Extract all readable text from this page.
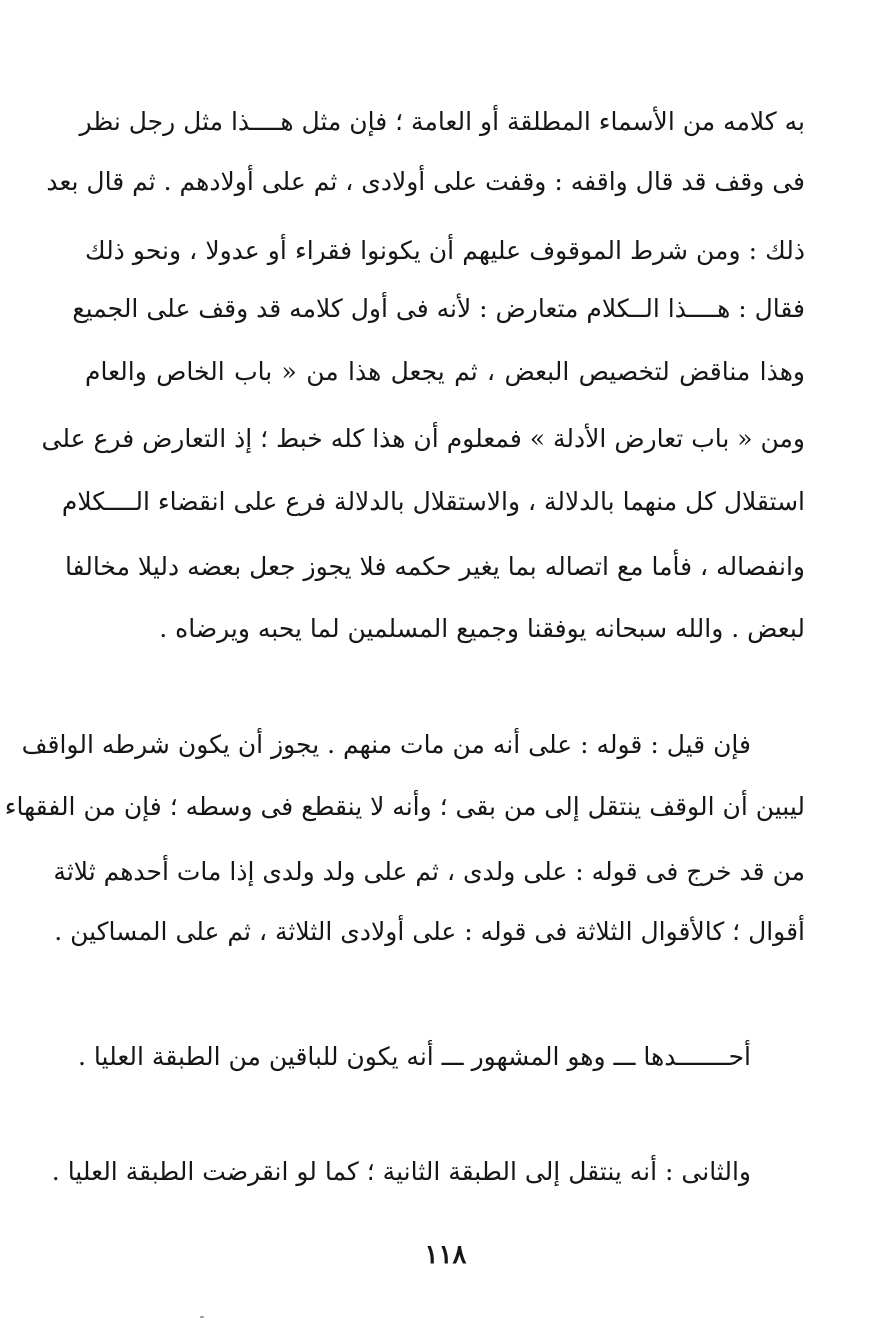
به كلامه من الأسماء المطلقة أو العامة ؛ فإن مثل هــــذا مثل رجل نظر
فى وقف قد قال واقفه : وقفت على أولادى ، ثم على أولادهم . ثم قال بعد
ذلك : ومن شرط الموقوف عليهم أن يكونوا فقراء أو عدولا ، ونحو ذلك
فقال : هــــذا الــكلام متعارض : لأنه فى أول كلامه قد وقف على الجميع
وهذا مناقض لتخصيص البعض ، ثم يجعل هذا من « باب الخاص والعام
ومن « باب تعارض الأدلة » فمعلوم أن هذا كله خبط ؛ إذ التعارض فرع على
استقلال كل منهما بالدلالة ، والاستقلال بالدلالة فرع على انقضاء الــــكلام
وانفصاله ، فأما مع اتصاله بما يغير حكمه فلا يجوز جعل بعضه دليلا مخالفا
لبعض . والله سبحانه يوفقنا وجميع المسلمين لما يحبه ويرضاه .
فإن قيل : قوله : على أنه من مات منهم . يجوز أن يكون شرطه الواقف
ليبين أن الوقف ينتقل إلى من بقى ؛ وأنه لا ينقطع فى وسطه ؛ فإن من الفقهاء
من قد خرج فى قوله : على ولدى ، ثم على ولد ولدى إذا مات أحدهم ثلاثة
أقوال ؛ كالأقوال الثلاثة فى قوله : على أولادى الثلاثة ، ثم على المساكين .
أحـــــــدها ـــ وهو المشهور ـــ أنه يكون للباقين من الطبقة العليا .
والثانى : أنه ينتقل إلى الطبقة الثانية ؛ كما لو انقرضت الطبقة العليا .
١١٨
